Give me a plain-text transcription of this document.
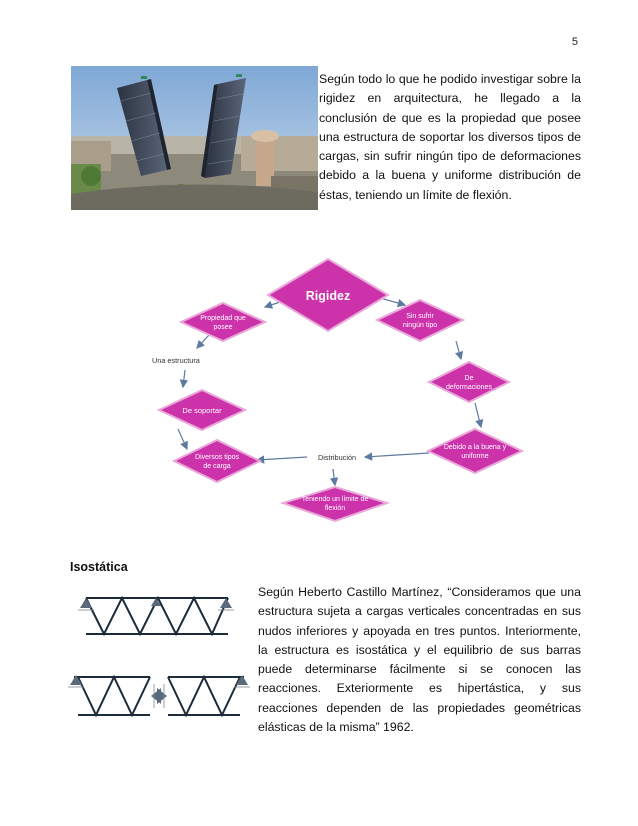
5

Según todo lo que he podido investigar sobre la rigidez en arquitectura, he llegado a la conclusión de que es la propiedad que posee una estructura de soportar los diversos tipos de cargas, sin sufrir ningún tipo de deformaciones debido a la buena y uniforme distribución de éstas, teniendo un límite de flexión.

Rigidez
Propiedad que
posee
Sin sufrir
ningún tipo
Una estructura
De
deformaciones
De soportar
Debido a la buena y
uniforme
Diversos tipos
de carga
Distribución
Teniendo un límite de
flexión
Isostática

Según Heberto Castillo Martínez, “Consideramos que una estructura sujeta a cargas verticales concentradas en sus nudos inferiores y apoyada en tres puntos. Interiormente, la estructura es isostática y el equilibrio de sus barras puede determinarse fácilmente si se conocen las reacciones. Exteriormente es hipertástica, y sus reacciones dependen de las propiedades geométricas elásticas de la misma” 1962.
